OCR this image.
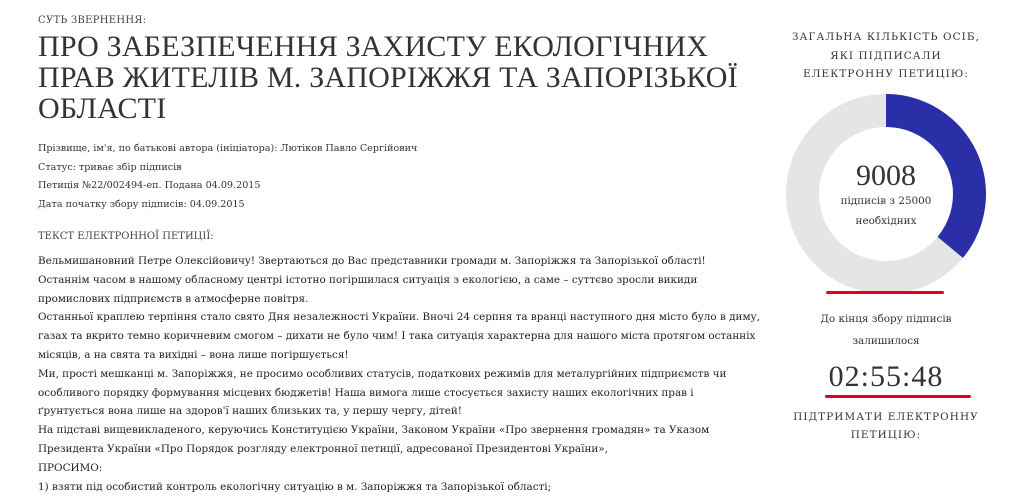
СУТЬ ЗВЕРНЕННЯ:

ПРО ЗАБЕЗПЕЧЕННЯ ЗАХИСТУ ЕКОЛОГІЧНИХ ПРАВ ЖИТЕЛІВ М. ЗАПОРІЖЖЯ ТА ЗАПОРІЗЬКОЇ ОБЛАСТІ
Прізвище, ім'я, по батькові автора (ініціатора): Лютіков Павло Сергійович
Статус: триває збір підписів
Петиція №22/002494-еп. Подана 04.09.2015
Дата початку збору підписів: 04.09.2015
ТЕКСТ ЕЛЕКТРОННОЇ ПЕТИЦІЇ:
Вельмишановний Петре Олексійовичу! Звертаються до Вас представники громади м. Запоріжжя та Запорізької області!
Останнім часом в нашому обласному центрі істотно погіршилася ситуація з екологією, а саме – суттєво зросли викиди
промислових підприємств в атмосферне повітря.
Останньої краплею терпіння стало свято Дня незалежності України. Вночі 24 серпня та вранці наступного дня місто було в диму,
газах та вкрито темно коричневим смогом – дихати не було чим! І така ситуація характерна для нашого міста протягом останніх
місяців, а на свята та вихідні – вона лише погіршується!
Ми, прості мешканці м. Запоріжжя, не просимо особливих статусів, податкових режимів для металургійних підприємств чи
особливого порядку формування місцевих бюджетів! Наша вимога лише стосується захисту наших екологічних прав і
ґрунтується вона лише на здоров'ї наших близьких та, у першу чергу, дітей!
На підставі вищевикладеного, керуючись Конституцією України, Законом України «Про звернення громадян» та Указом
Президента України «Про Порядок розгляду електронної петиції, адресованої Президентові України»,
ПРОСИМО:
1) взяти під особистий контроль екологічну ситуацію в м. Запоріжжя та Запорізької області;
ЗАГАЛЬНА КІЛЬКІСТЬ ОСІБ, ЯКІ ПІДПИСАЛИ ЕЛЕКТРОННУ ПЕТИЦІЮ:
9008
підписів з 25000 необхідних
До кінця збору підписів залишилося
02:55:48
ПІДТРИМАТИ ЕЛЕКТРОННУ ПЕТИЦІЮ:
